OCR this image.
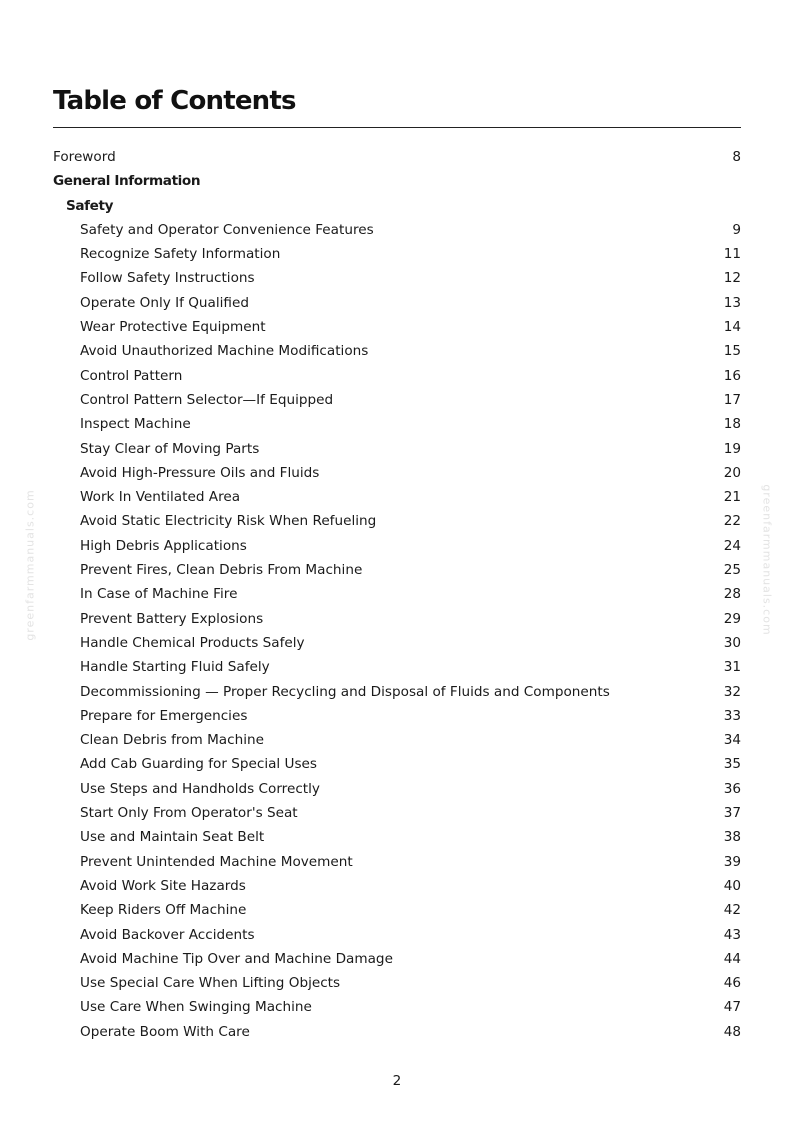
Table of Contents
Foreword	8
General Information
Safety
Safety and Operator Convenience Features	9
Recognize Safety Information	11
Follow Safety Instructions	12
Operate Only If Qualified	13
Wear Protective Equipment	14
Avoid Unauthorized Machine Modifications	15
Control Pattern	16
Control Pattern Selector—If Equipped	17
Inspect Machine	18
Stay Clear of Moving Parts	19
Avoid High-Pressure Oils and Fluids	20
Work In Ventilated Area	21
Avoid Static Electricity Risk When Refueling	22
High Debris Applications	24
Prevent Fires, Clean Debris From Machine	25
In Case of Machine Fire	28
Prevent Battery Explosions	29
Handle Chemical Products Safely	30
Handle Starting Fluid Safely	31
Decommissioning — Proper Recycling and Disposal of Fluids and Components	32
Prepare for Emergencies	33
Clean Debris from Machine	34
Add Cab Guarding for Special Uses	35
Use Steps and Handholds Correctly	36
Start Only From Operator's Seat	37
Use and Maintain Seat Belt	38
Prevent Unintended Machine Movement	39
Avoid Work Site Hazards	40
Keep Riders Off Machine	42
Avoid Backover Accidents	43
Avoid Machine Tip Over and Machine Damage	44
Use Special Care When Lifting Objects	46
Use Care When Swinging Machine	47
Operate Boom With Care	48
greenfarmmanuals.com	greenfarmmanuals.com
2
